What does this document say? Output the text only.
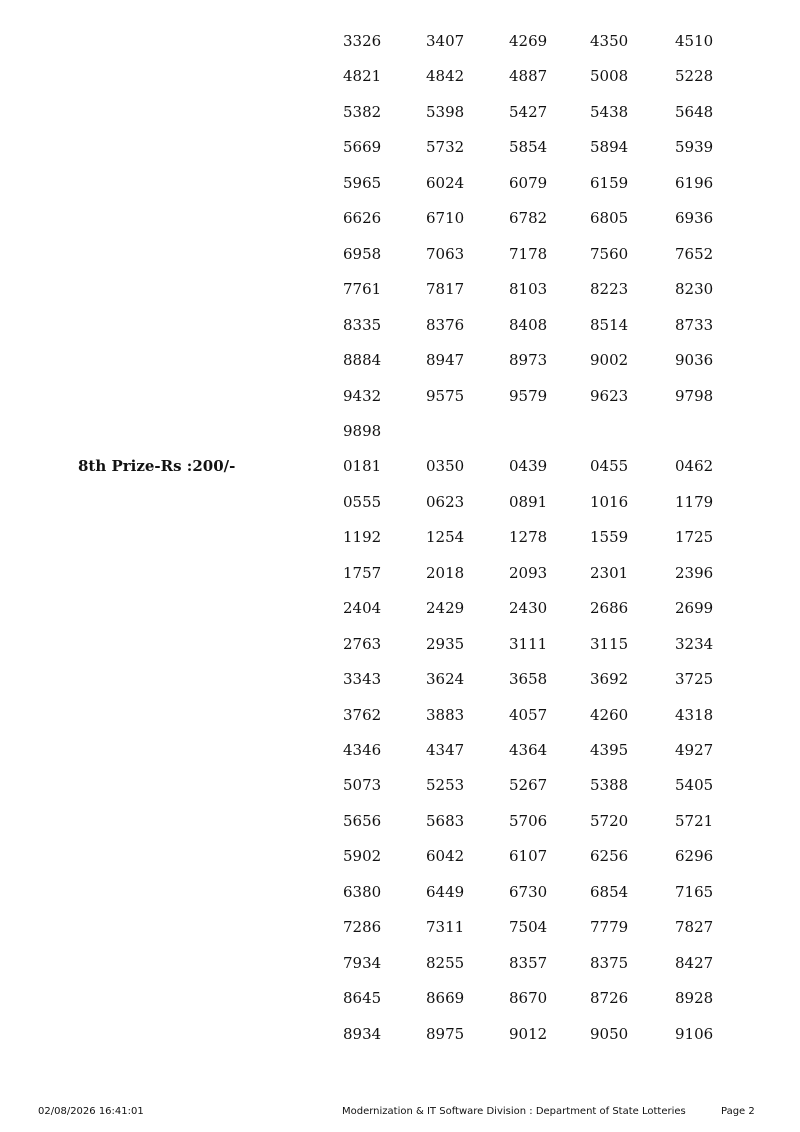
3326	3407	4269	4350	4510
4821	4842	4887	5008	5228
5382	5398	5427	5438	5648
5669	5732	5854	5894	5939
5965	6024	6079	6159	6196
6626	6710	6782	6805	6936
6958	7063	7178	7560	7652
7761	7817	8103	8223	8230
8335	8376	8408	8514	8733
8884	8947	8973	9002	9036
9432	9575	9579	9623	9798
9898
8th Prize-Rs :200/-	0181	0350	0439	0455	0462
0555	0623	0891	1016	1179
1192	1254	1278	1559	1725
1757	2018	2093	2301	2396
2404	2429	2430	2686	2699
2763	2935	3111	3115	3234
3343	3624	3658	3692	3725
3762	3883	4057	4260	4318
4346	4347	4364	4395	4927
5073	5253	5267	5388	5405
5656	5683	5706	5720	5721
5902	6042	6107	6256	6296
6380	6449	6730	6854	7165
7286	7311	7504	7779	7827
7934	8255	8357	8375	8427
8645	8669	8670	8726	8928
8934	8975	9012	9050	9106
02/08/2026 16:41:01	Modernization & IT Software Division : Department of State Lotteries	Page 2
